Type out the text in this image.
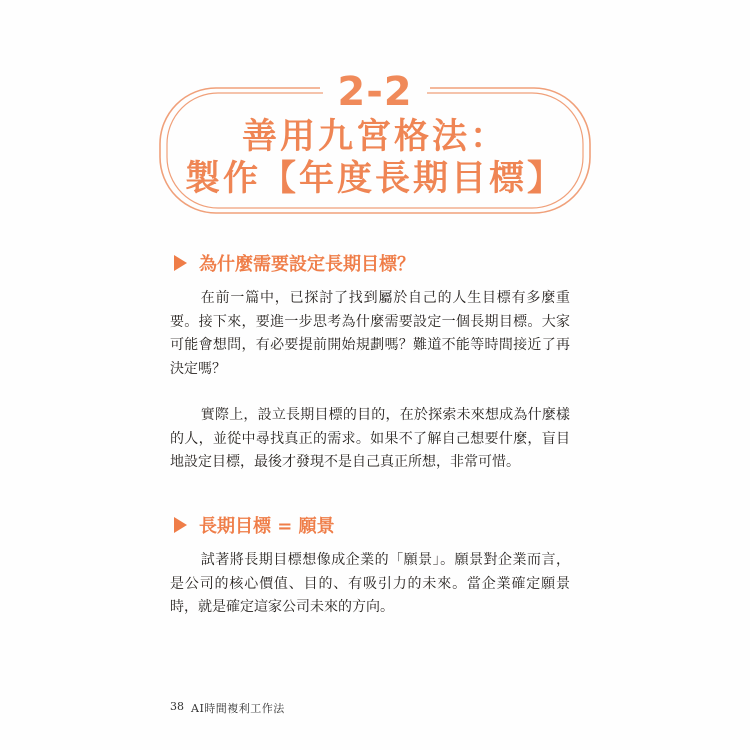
2-2
善用九宮格法：
製作【年度長期目標】
為什麼需要設定長期目標？

在前一篇中，已探討了找到屬於自己的人生目標有多麼重要。接下來，要進一步思考為什麼需要設定一個長期目標。大家可能會想問，有必要提前開始規劃嗎？難道不能等時間接近了再決定嗎？

實際上，設立長期目標的目的，在於探索未來想成為什麼樣的人，並從中尋找真正的需求。如果不了解自己想要什麼，盲目地設定目標，最後才發現不是自己真正所想，非常可惜。

長期目標 = 願景

試著將長期目標想像成企業的「願景」。願景對企業而言，是公司的核心價值、目的、有吸引力的未來。當企業確定願景時，就是確定這家公司未來的方向。

38 AI時間複利工作法
